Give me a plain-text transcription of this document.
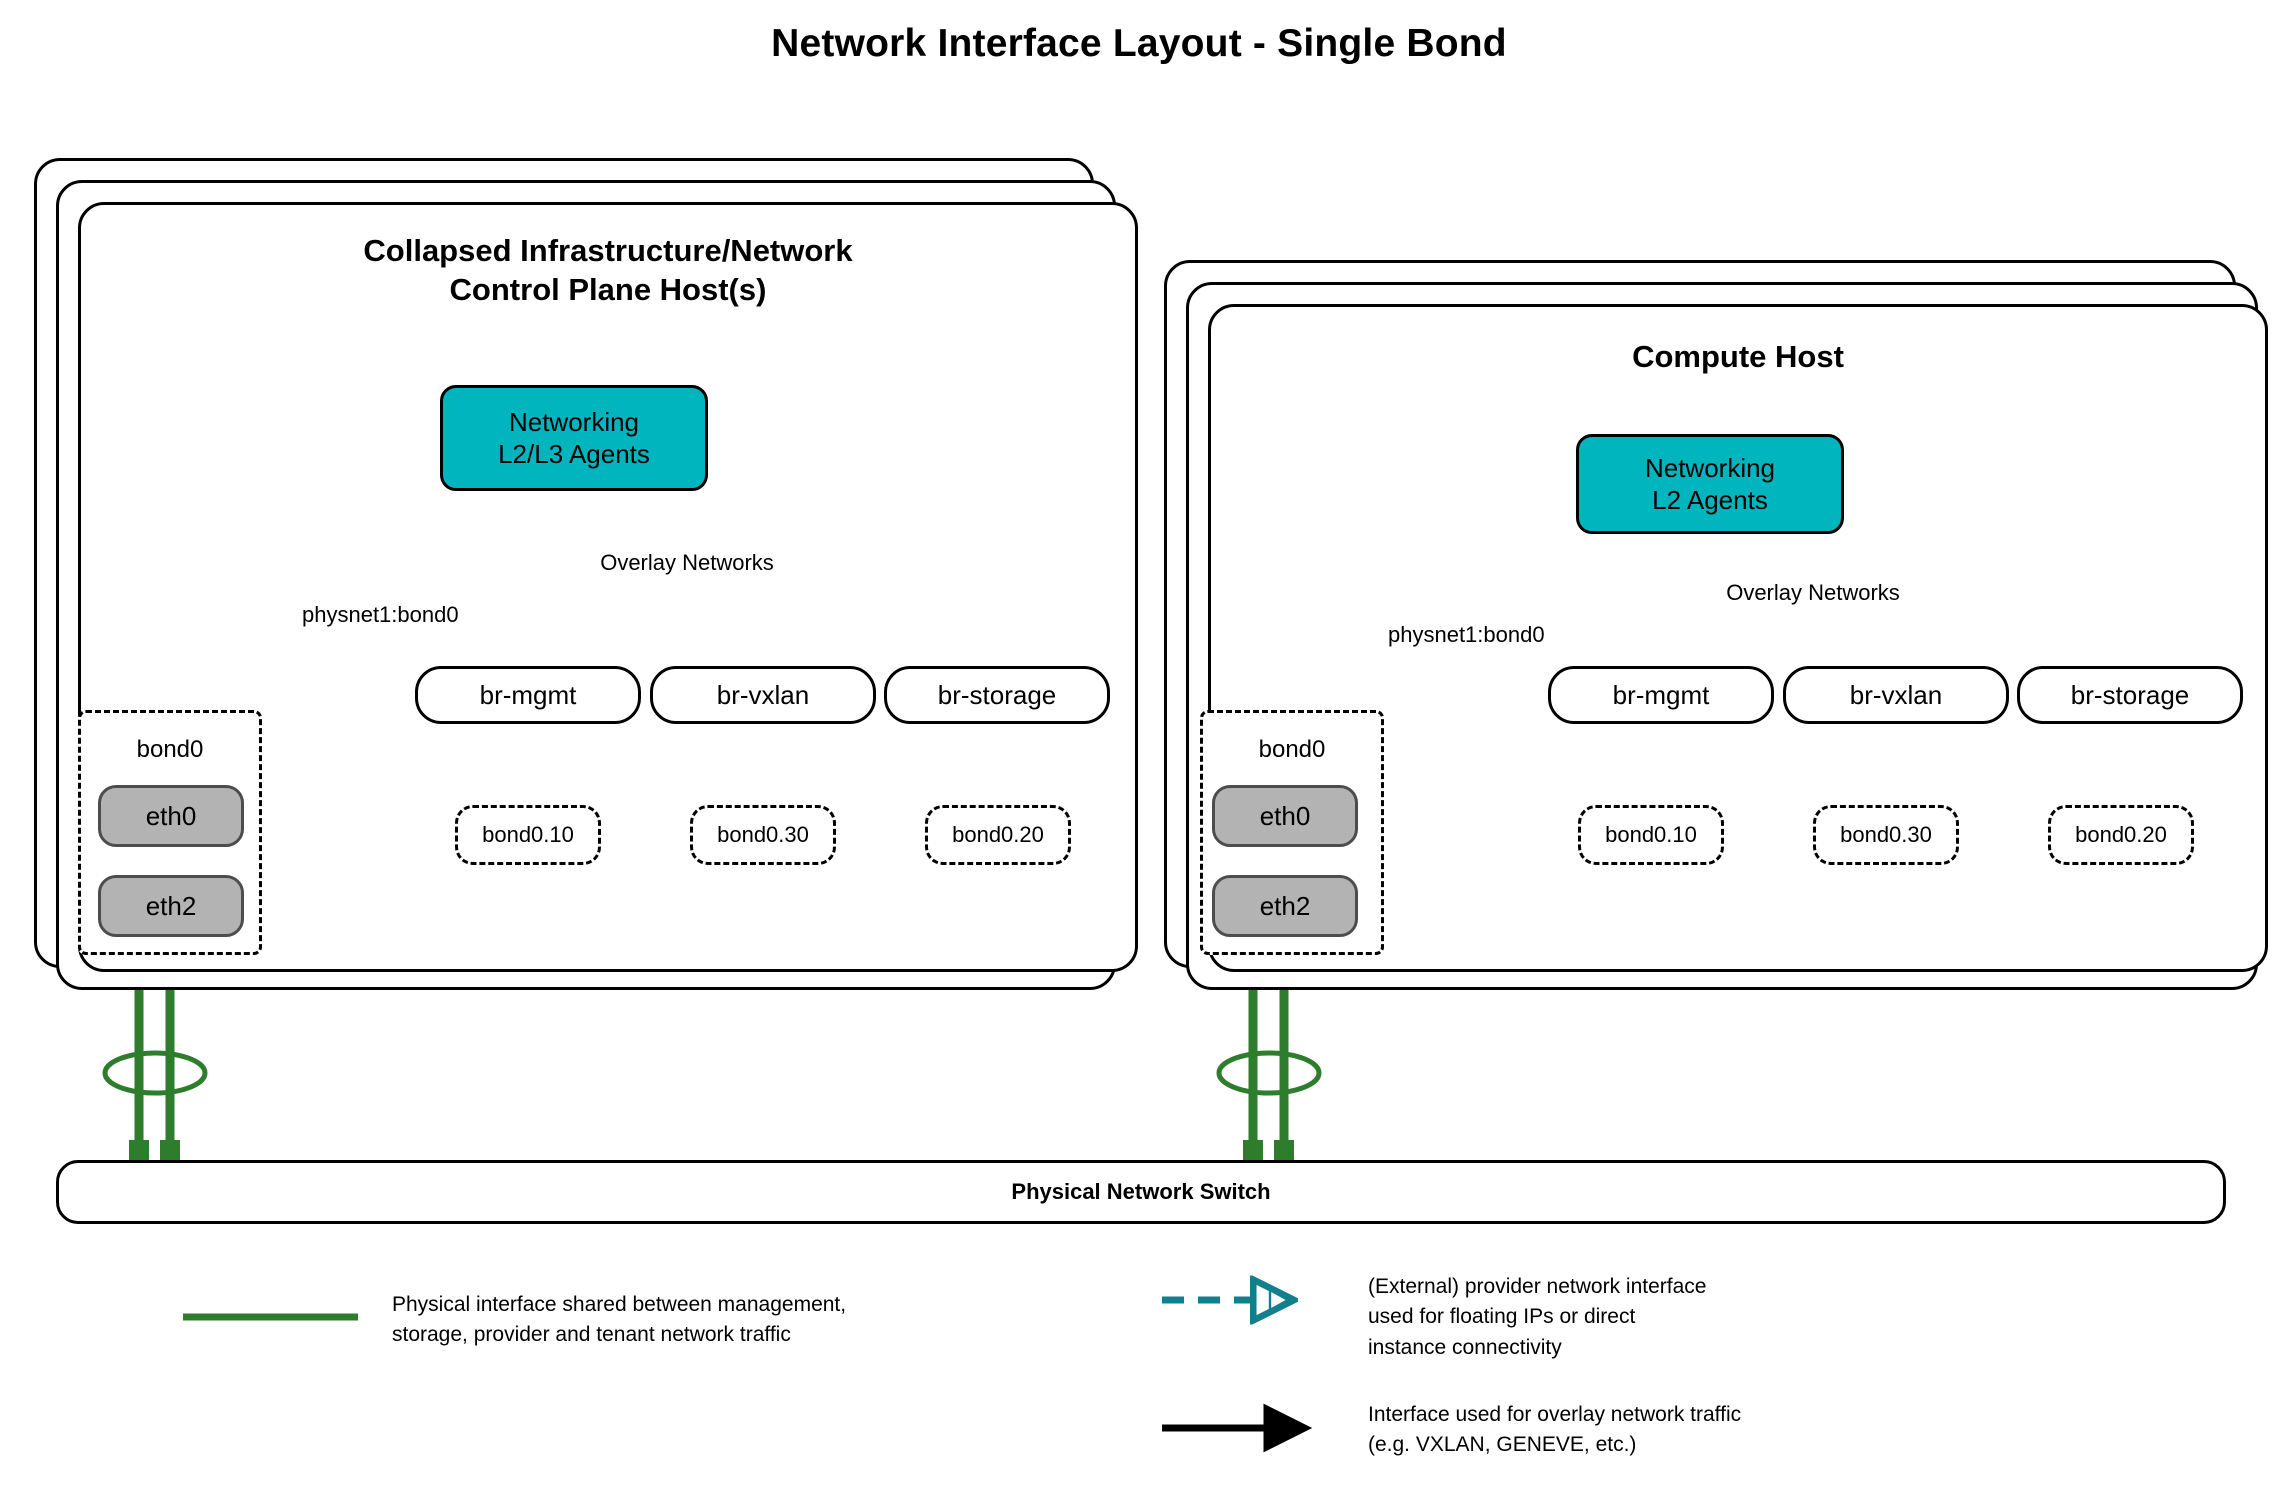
Network Interface Layout - Single Bond
Collapsed Infrastructure/Network
Control Plane Host(s)
Networking
L2/L3 Agents
Overlay Networks
physnet1:bond0
br-mgmt	br-vxlan	br-storage
bond0.10	bond0.30	bond0.20
bond0
eth0
eth2
Compute Host
Networking
L2 Agents
Overlay Networks
physnet1:bond0
br-mgmt	br-vxlan	br-storage
bond0.10	bond0.30	bond0.20
bond0
eth0
eth2
Physical Network Switch
Physical interface shared between management,
storage, provider and tenant network traffic
(External) provider network interface
used for floating IPs or direct
instance connectivity
Interface used for overlay network traffic
(e.g. VXLAN, GENEVE, etc.)
